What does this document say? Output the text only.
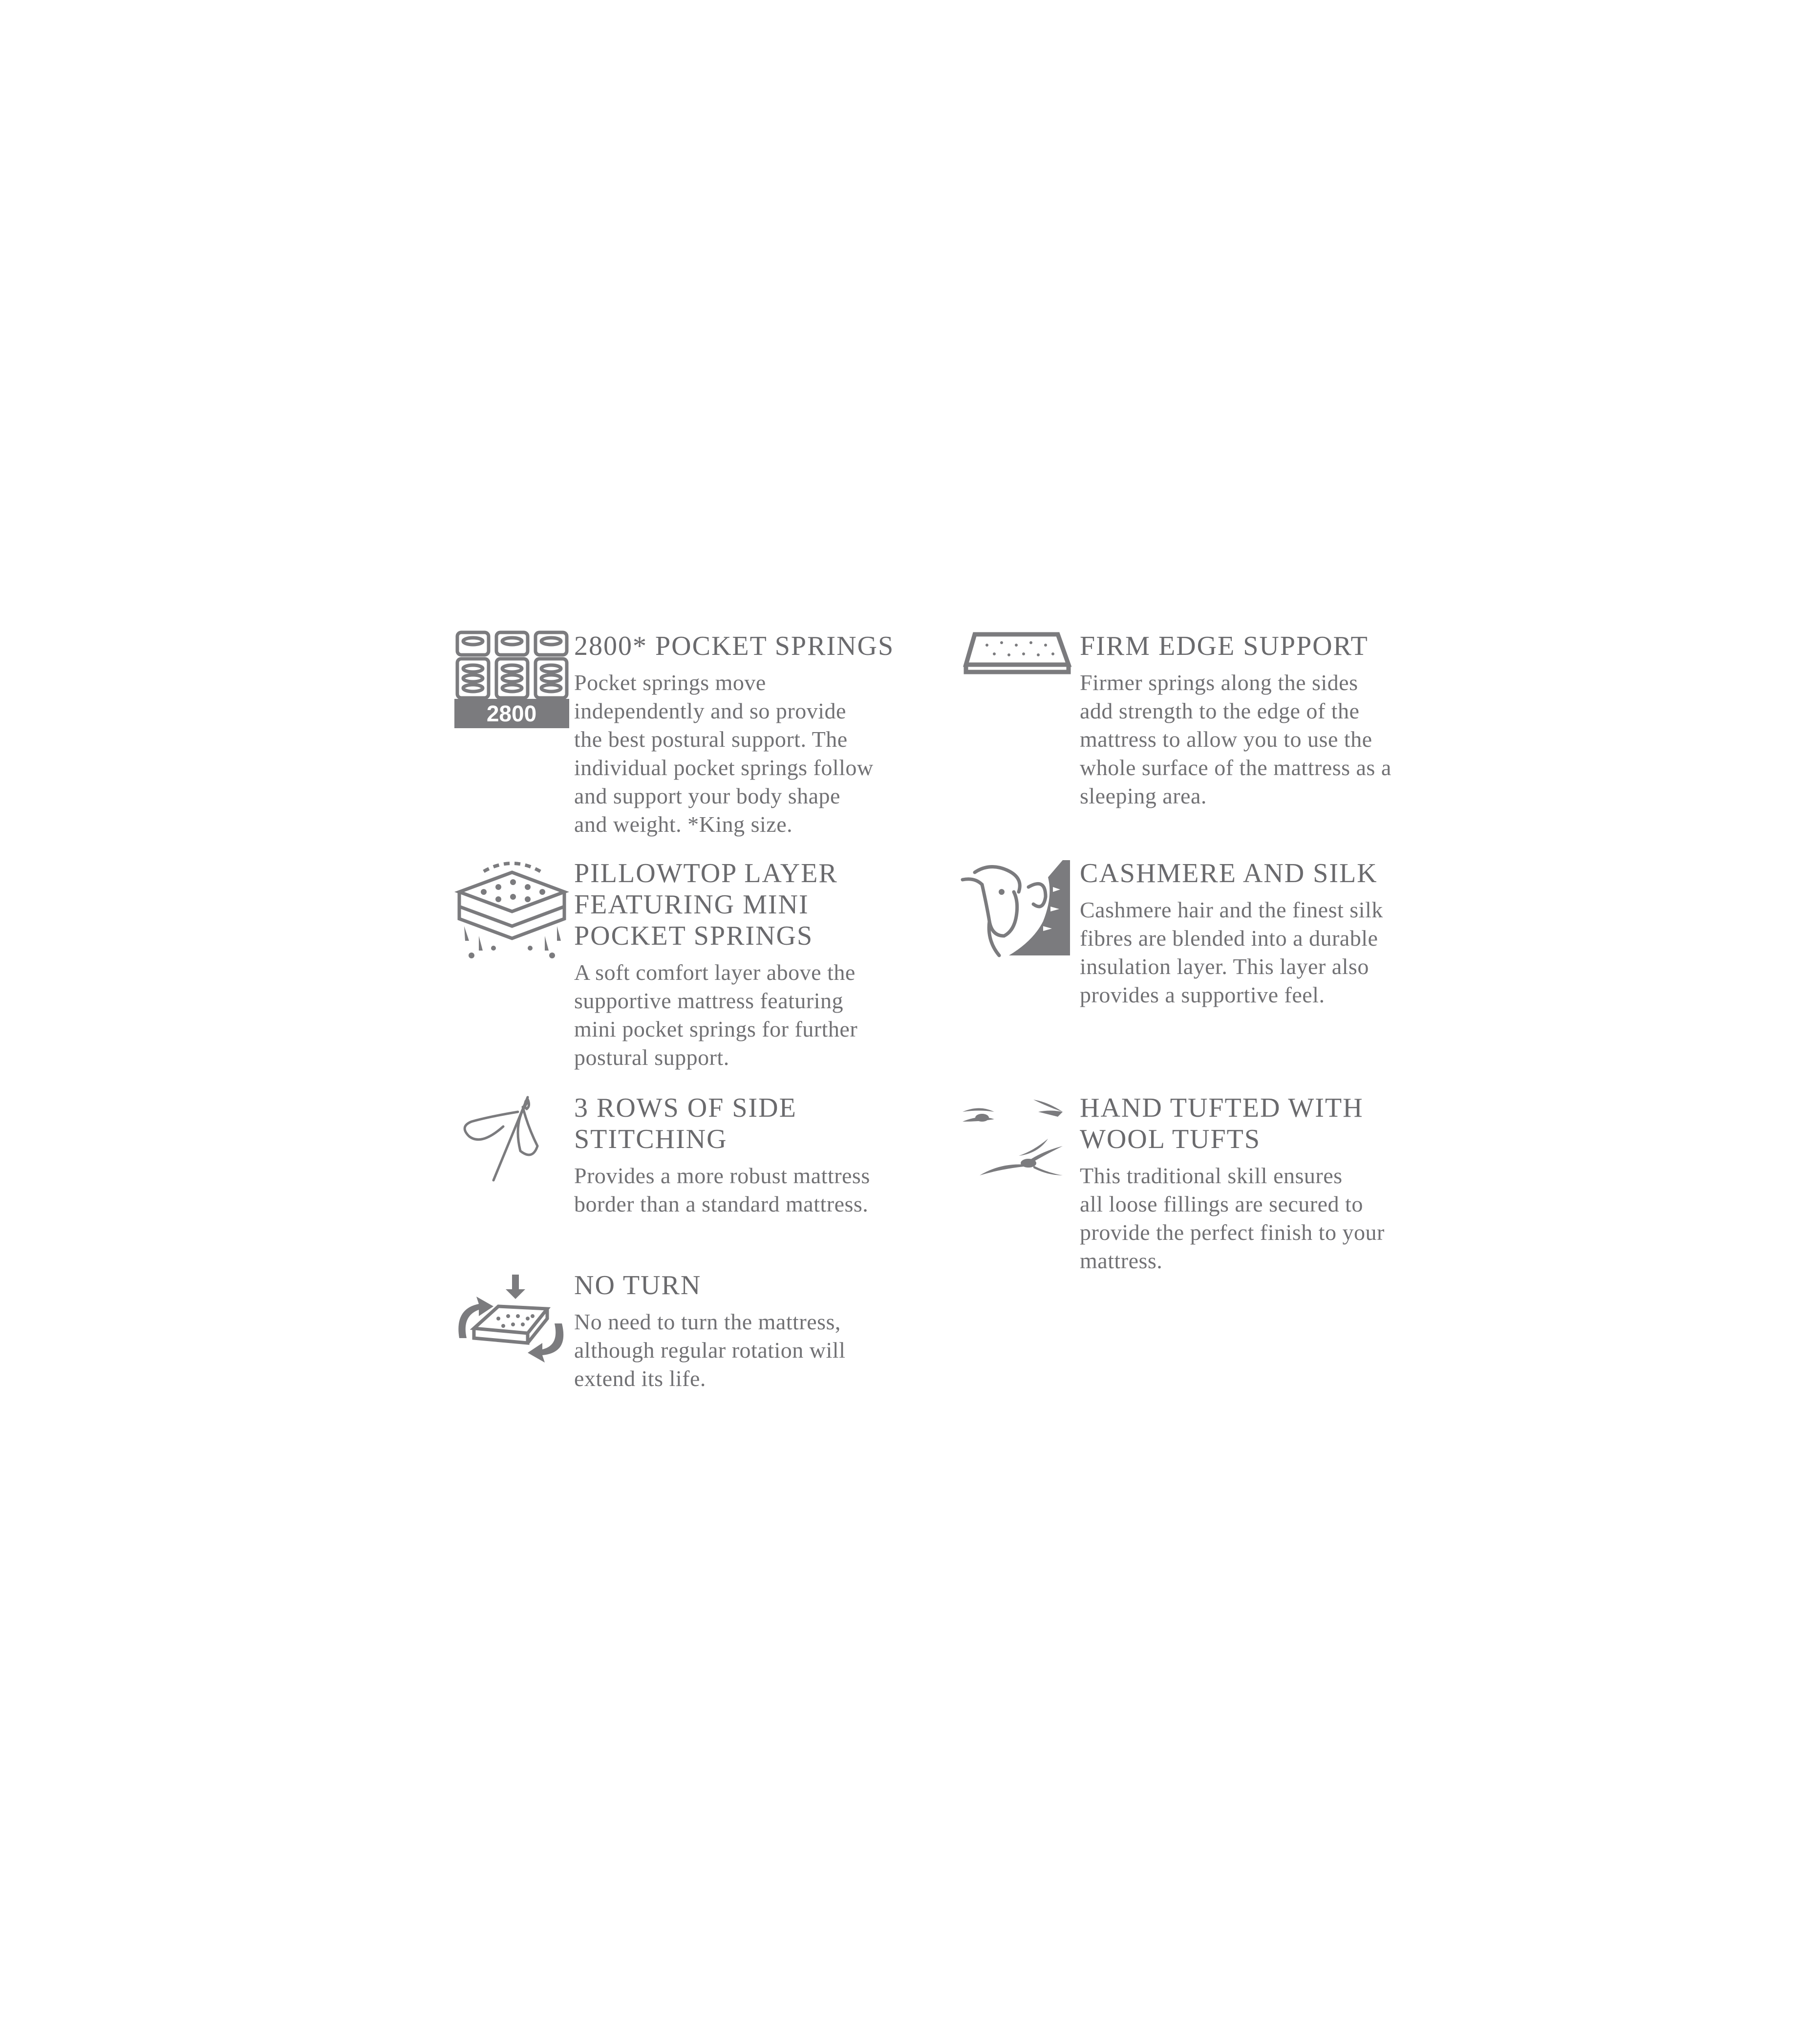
2800
2800* POCKET SPRINGS

Pocket springs move
independently and so provide
the best postural support. The
individual pocket springs follow
and support your body shape
and weight. *King size.

PILLOWTOP LAYER
FEATURING MINI
POCKET SPRINGS

A soft comfort layer above the
supportive mattress featuring
mini pocket springs for further
postural support.

3 ROWS OF SIDE
STITCHING

Provides a more robust mattress
border than a standard mattress.

NO TURN

No need to turn the mattress,
although regular rotation will
extend its life.

FIRM EDGE SUPPORT

Firmer springs along the sides
add strength to the edge of the
mattress to allow you to use the
whole surface of the mattress as a
sleeping area.

CASHMERE AND SILK

Cashmere hair and the finest silk
fibres are blended into a durable
insulation layer. This layer also
provides a supportive feel.

HAND TUFTED WITH
WOOL TUFTS

This traditional skill ensures
all loose fillings are secured to
provide the perfect finish to your
mattress.
